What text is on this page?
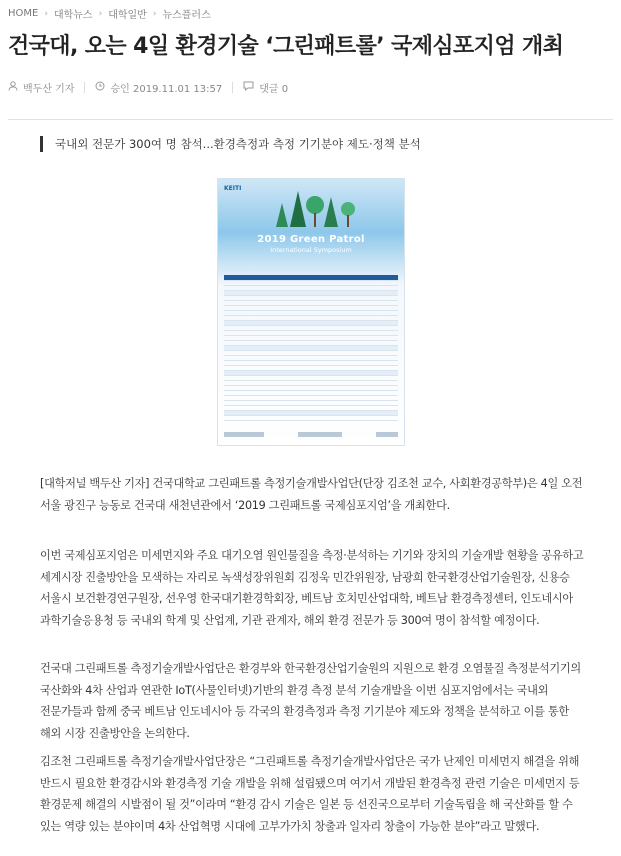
HOME › 대학뉴스 › 대학일반 › 뉴스플러스
건국대, 오는 4일 환경기술 ‘그린패트롤’ 국제심포지엄 개최
백두산 기자	승인 2019.11.01 13:57	댓글 0
국내외 전문가 300여 명 참석...환경측정과 측정 기기분야 제도·정책 분석
KEITI
2019 Green Patrol
International Symposium

[대학저널 백두산 기자] 건국대학교 그린패트롤 측정기술개발사업단(단장 김조천 교수, 사회환경공학부)은 4일 오전 서울 광진구 능동로 건국대 새천년관에서 ‘2019 그린패트롤 국제심포지엄’을 개최한다.

이번 국제심포지엄은 미세먼지와 주요 대기오염 원인물질을 측정·분석하는 기기와 장치의 기술개발 현황을 공유하고 세계시장 진출방안을 모색하는 자리로 녹색성장위원회 김정욱 민간위원장, 남광희 한국환경산업기술원장, 신용승 서울시 보건환경연구원장, 선우영 한국대기환경학회장, 베트남 호치민산업대학, 베트남 환경측정센터, 인도네시아 과학기술응용청 등 국내외 학계 및 산업계, 기관 관계자, 해외 환경 전문가 등 300여 명이 참석할 예정이다.

건국대 그린패트롤 측정기술개발사업단은 환경부와 한국환경산업기술원의 지원으로 환경 오염물질 측정분석기기의 국산화와 4차 산업과 연관한 IoT(사물인터넷)기반의 환경 측정 분석 기술개발을 이번 심포지엄에서는 국내외 전문가들과 함께 중국 베트남 인도네시아 등 각국의 환경측정과 측정 기기분야 제도와 정책을 분석하고 이를 통한 해외 시장 진출방안을 논의한다.

김조천 그린패트롤 측정기술개발사업단장은 “그린패트롤 측정기술개발사업단은 국가 난제인 미세먼지 해결을 위해 반드시 필요한 환경감시와 환경측정 기술 개발을 위해 설립됐으며 여기서 개발된 환경측정 관련 기술은 미세먼지 등 환경문제 해결의 시발점이 될 것”이라며 “환경 감시 기술은 일본 등 선진국으로부터 기술독립을 해 국산화를 할 수 있는 역량 있는 분야이며 4차 산업혁명 시대에 고부가가치 창출과 일자리 창출이 가능한 분야”라고 말했다.
